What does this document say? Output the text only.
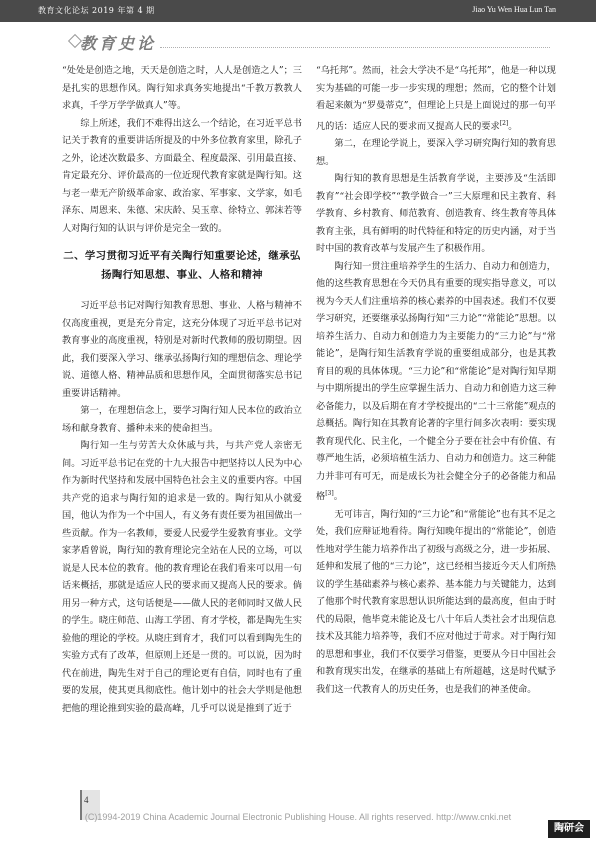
教育文化论坛 2019 年第 4 期	Jiao Yu Wen Hua Lun Tan
教育史论

“处处是创造之地，天天是创造之时，人人是创造之人”；三是扎实的思想作风。陶行知求真务实地提出“千教万教教人求真，千学万学学做真人”等。

综上所述，我们不难得出这么一个结论，在习近平总书记关于教育的重要讲话所提及的中外多位教育家里，除孔子之外，论述次数最多、方面最全、程度最深、引用最直接、肯定最充分、评价最高的一位近现代教育家就是陶行知。这与老一辈无产阶级革命家、政治家、军事家、文学家，如毛泽东、周恩来、朱德、宋庆龄、吴玉章、徐特立、郭沫若等人对陶行知的认识与评价是完全一致的。

二、学习贯彻习近平有关陶行知重要论述，继承弘扬陶行知思想、事业、人格和精神

习近平总书记对陶行知教育思想、事业、人格与精神不仅高度重视，更是充分肯定，这充分体现了习近平总书记对教育事业的高度重视，特别是对新时代教师的殷切期望。因此，我们要深入学习、继承弘扬陶行知的理想信念、理论学说、道德人格、精神品质和思想作风，全面贯彻落实总书记重要讲话精神。

第一，在理想信念上，要学习陶行知人民本位的政治立场和献身教育、播种未来的使命担当。

陶行知一生与劳苦大众休戚与共，与共产党人亲密无间。习近平总书记在党的十九大报告中把坚持以人民为中心作为新时代坚持和发展中国特色社会主义的重要内容。中国共产党的追求与陶行知的追求是一致的。陶行知从小就爱国，他认为作为一个中国人，有义务有责任要为祖国做出一些贡献。作为一名教师，要爱人民爱学生爱教育事业。文学家茅盾曾说，陶行知的教育理论完全站在人民的立场，可以说是人民本位的教育。他的教育理论在我们看来可以用一句话来概括，那就是适应人民的要求而又提高人民的要求。倘用另一种方式，这句话便是——做人民的老师同时又做人民的学生。晓庄师范、山海工学团、育才学校，都是陶先生实验他的理论的学校。从晓庄到育才，我们可以看到陶先生的实验方式有了改革，但原则上还是一贯的。可以说，因为时代在前进，陶先生对于自己的理论更有自信，同时也有了重要的发展，使其更具彻底性。他计划中的社会大学则是他想把他的理论推到实验的最高峰，几乎可以说是推到了近于

“乌托邦”。然而，社会大学决不是“乌托邦”，他是一种以现实为基础的可能一步一步实现的理想；然而，它的整个计划看起来颇为“罗曼蒂克”，但理论上只是上面说过的那一句平凡的话：适应人民的要求而又提高人民的要求[2]。

第二，在理论学说上，要深入学习研究陶行知的教育思想。

陶行知的教育思想是生活教育学说，主要涉及“生活即教育”“社会即学校”“教学做合一”三大原理和民主教育、科学教育、乡村教育、师范教育、创造教育、终生教育等具体教育主张，具有鲜明的时代特征和特定的历史内涵，对于当时中国的教育改革与发展产生了积极作用。

陶行知一贯注重培养学生的生活力、自动力和创造力，他的这些教育思想在今天仍具有重要的现实指导意义，可以视为今天人们注重培养的核心素养的中国表述。我们不仅要学习研究，还要继承弘扬陶行知“三力论”“常能论”思想。以培养生活力、自动力和创造力为主要能力的“三力论”与“常能论”，是陶行知生活教育学说的重要组成部分，也是其教育目的观的具体体现。“三力论”和“常能论”是对陶行知早期与中期所提出的学生应掌握生活力、自动力和创造力这三种必备能力，以及后期在育才学校提出的“二十三常能”观点的总概括。陶行知在其教育论著的字里行间多次表明：要实现教育现代化、民主化，一个健全分子要在社会中有价值、有尊严地生活，必须培植生活力、自动力和创造力。这三种能力并非可有可无，而是成长为社会健全分子的必备能力和品格[3]。

无可讳言，陶行知的“三力论”和“常能论”也有其不足之处，我们应辩证地看待。陶行知晚年提出的“常能论”，创造性地对学生能力培养作出了初级与高级之分，进一步拓展、延伸和发展了他的“三力论”，这已经相当接近今天人们所热议的学生基础素养与核心素养、基本能力与关键能力，达到了他那个时代教育家思想认识所能达到的最高度，但由于时代的局限，他毕竟未能论及七八十年后人类社会才出现信息技术及其能力培养等，我们不应对他过于苛求。对于陶行知的思想和事业，我们不仅要学习借鉴，更要从今日中国社会和教育现实出发，在继承的基础上有所超越，这是时代赋予我们这一代教育人的历史任务，也是我们的神圣使命。

4
(C)1994-2019 China Academic Journal Electronic Publishing House. All rights reserved. http://www.cnki.net
陶研会
